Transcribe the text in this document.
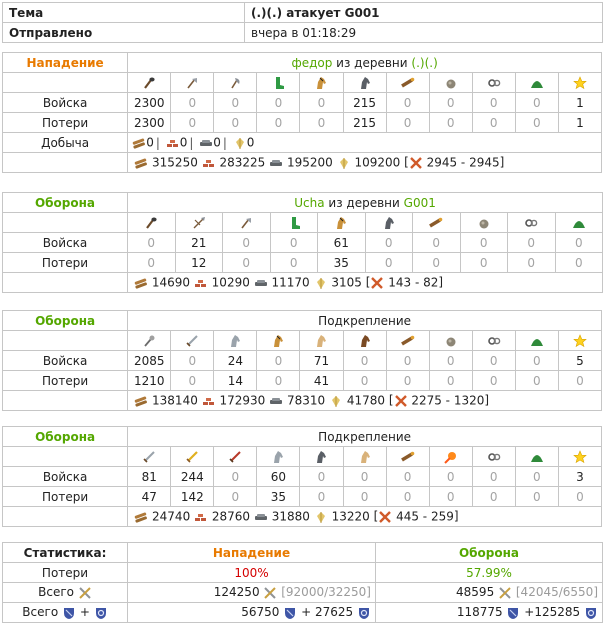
Тема	(.)(.) атакует G001
Отправлено	вчера в 01:18:29
Нападение	федор из деревни (.)(.)										

Войска	2300	0	0	0	0	215	0	0	0	0	1
Потери	2300	0	0	0	0	215	0	0	0	0	1
Добыча	0 | 0 | 0 | 0										

315250 283225 195200 109200 [ 2945 - 2945]										
Оборона	Ucha из деревни G001									

Войска	0	21	0	0	61	0	0	0	0	0
Потери	0	12	0	0	35	0	0	0	0	0

14690 10290 11170 3105 [ 143 - 82]									
Оборона	Подкрепление										

Войска	2085	0	24	0	71	0	0	0	0	0	5
Потери	1210	0	14	0	41	0	0	0	0	0	0

138140 172930 78310 41780 [ 2275 - 1320]										
Оборона	Подкрепление										

Войска	81	244	0	60	0	0	0	0	0	0	3
Потери	47	142	0	35	0	0	0	0	0	0	0

24740 28760 31880 13220 [ 445 - 259]										
Статистика:	Нападение	Оборона
Потери	100%	57.99%
Всего	124250 [92000/32250]	48595 [42045/6550]
Всего +	56750 + 27625	118775 +125285
